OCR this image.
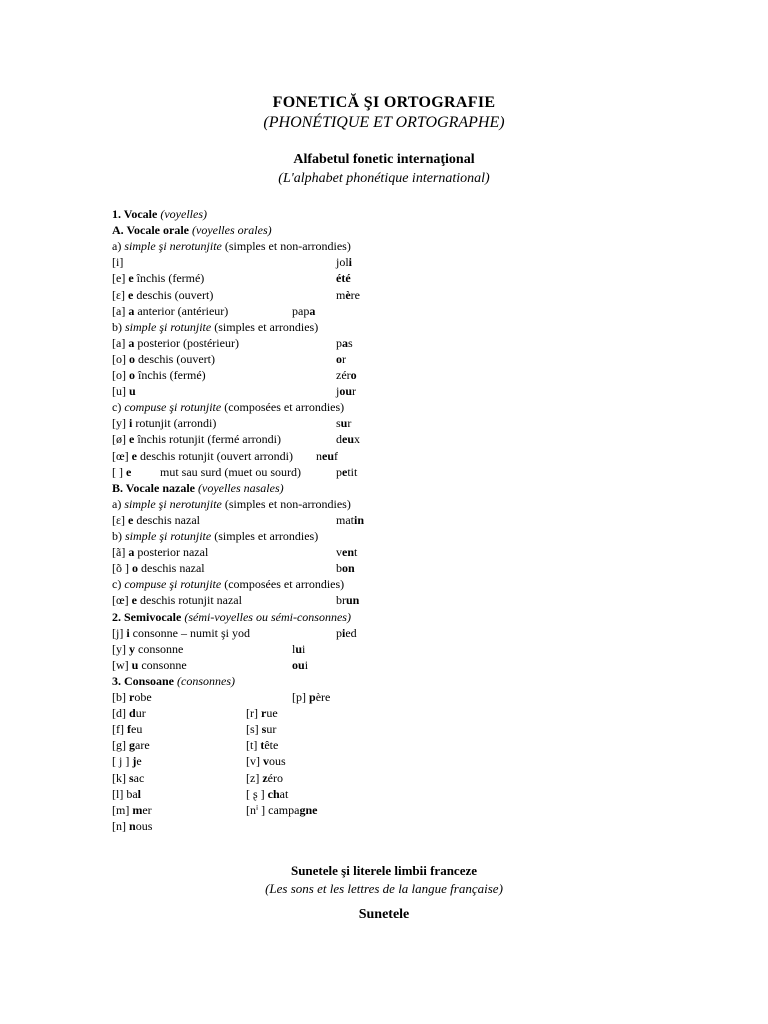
FONETICĂ ŞI ORTOGRAFIE
(PHONÉTIQUE ET ORTOGRAPHE)
Alfabetul fonetic internaţional
(L'alphabet phonétique international)
1. Vocale (voyelles)
A. Vocale orale (voyelles orales)
a) simple şi nerotunjite (simples et non-arrondies)
[i]	joli
[e] e închis (fermé)	été
[ɛ] e deschis (ouvert)	mère
[a] a anterior (antérieur)	papa
b) simple şi rotunjite (simples et arrondies)
[a] a posterior (postérieur)	pas
[o] o deschis (ouvert)	or
[o] o închis (fermé)	zéro
[u] u	jour
c) compuse şi rotunjite (composées et arrondies)
[y] i rotunjit (arrondi)	sur
[ø] e închis rotunjit (fermé arrondi)	deux
[œ] e deschis rotunjit (ouvert arrondi) neuf
[ ] e mut sau surd (muet ou sourd)	petit
B. Vocale nazale (voyelles nasales)
a) simple şi nerotunjite (simples et non-arrondies)
[ɛ] e deschis nazal	matin
b) simple şi rotunjite (simples et arrondies)
[ã] a posterior nazal	vent
[õ ] o deschis nazal	bon
c) compuse şi rotunjite (composées et arrondies)
[œ] e deschis rotunjit nazal	brun
2. Semivocale (sémi-voyelles ou sémi-consonnes)
[j] i consonne – numit şi yod	pied
[y] y consonne	lui
[w] u consonne	oui
3. Consoane (consonnes)
[b] robe	[p] père
[d] dur	[r] rue
[f] feu	[s] sur
[g] gare	[t] tête
[ j ] je	[v] vous
[k] sac	[z] zéro
[l] bal	[ ʂ ] chat
[m] mer	[nⁱ ] campagne
[n] nous
Sunetele şi literele limbii franceze
(Les sons et les lettres de la langue française)
Sunetele
